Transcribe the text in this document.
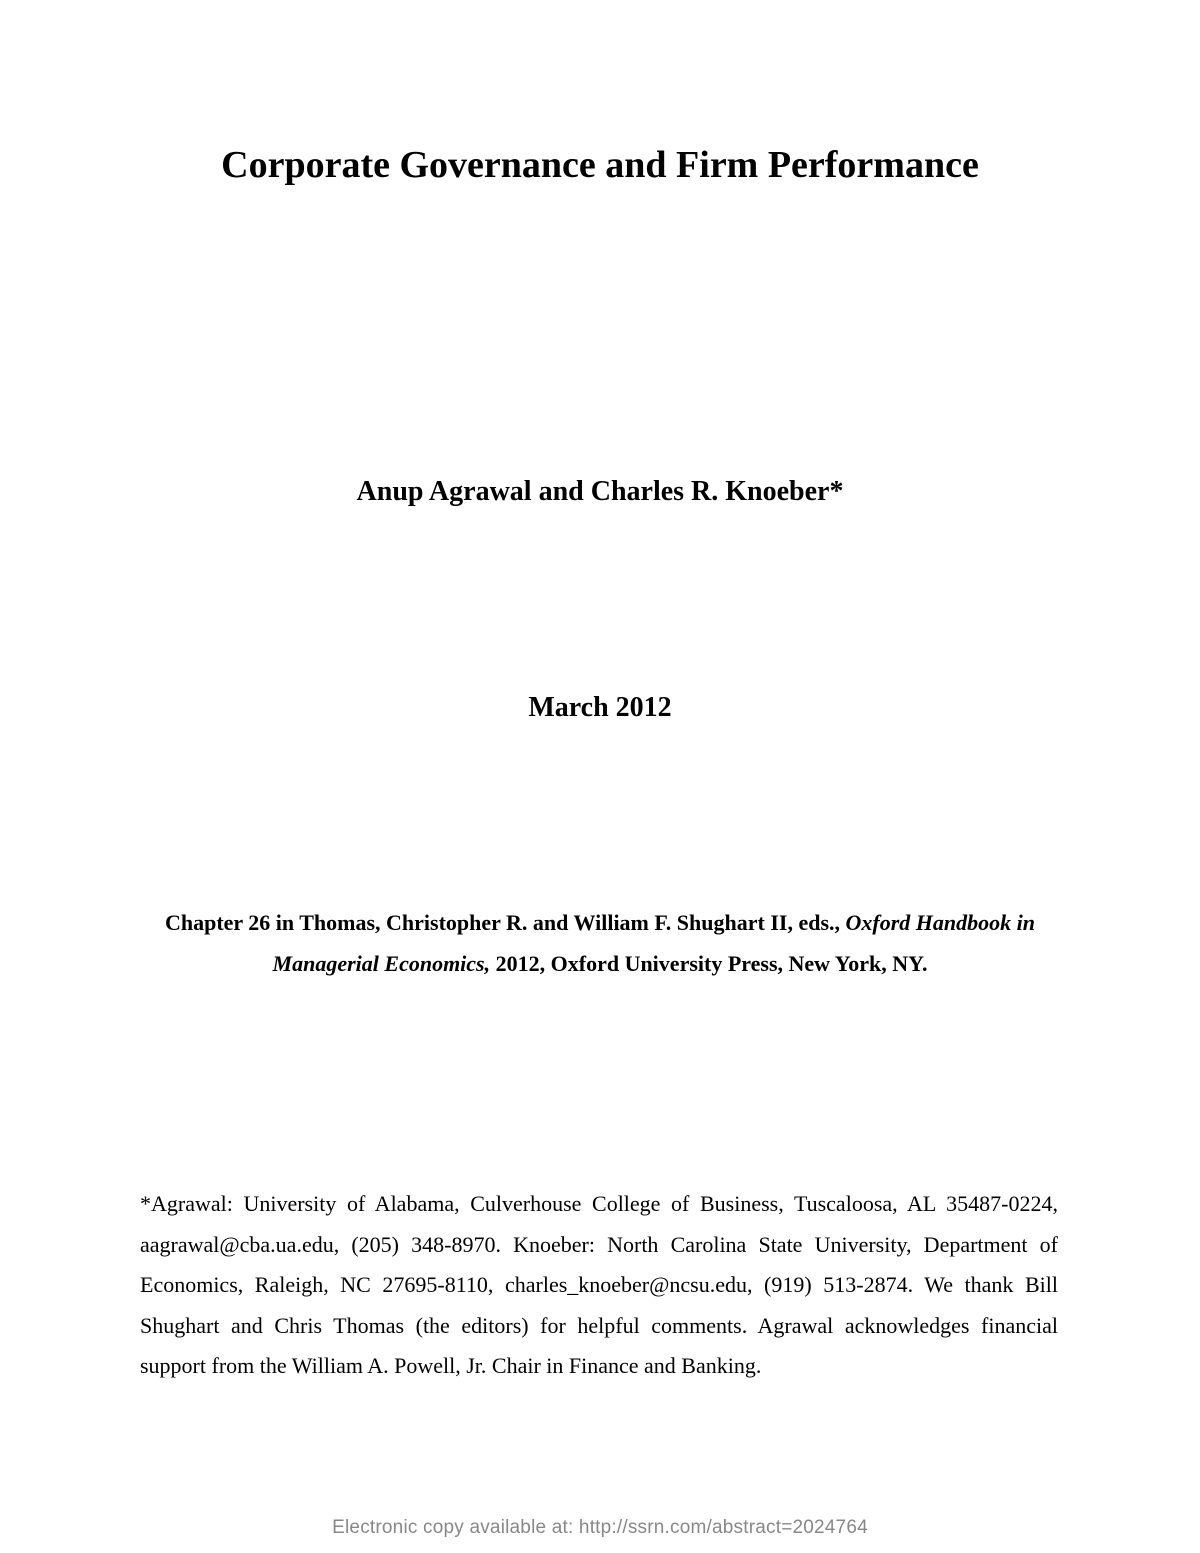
Corporate Governance and Firm Performance
Anup Agrawal and Charles R. Knoeber*
March 2012
Chapter 26 in Thomas, Christopher R. and William F. Shughart II, eds., Oxford Handbook in Managerial Economics, 2012, Oxford University Press, New York, NY.
*Agrawal: University of Alabama, Culverhouse College of Business, Tuscaloosa, AL 35487-0224, aagrawal@cba.ua.edu, (205) 348-8970. Knoeber: North Carolina State University, Department of Economics, Raleigh, NC 27695-8110, charles_knoeber@ncsu.edu, (919) 513-2874. We thank Bill Shughart and Chris Thomas (the editors) for helpful comments. Agrawal acknowledges financial support from the William A. Powell, Jr. Chair in Finance and Banking.
Electronic copy available at: http://ssrn.com/abstract=2024764
